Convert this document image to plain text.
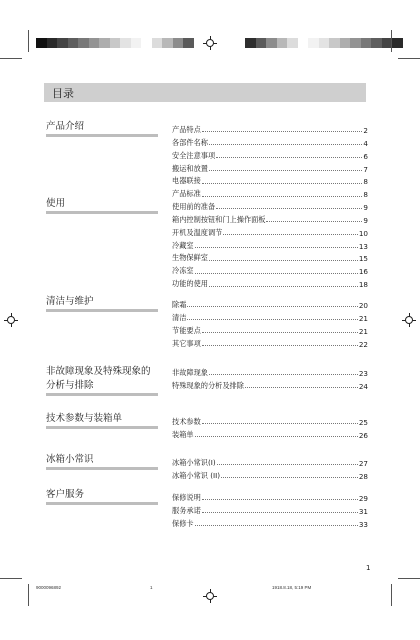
目录
产品介绍	产品特点	2
各部件名称	4
安全注意事项	6
搬运和放置	7
电器联接	8
产品标准	8
使用	使用前的准备	9
箱内控制按钮和门上操作面板	9
开机及温度调节	10
冷藏室	13
生物保鲜室	15
冷冻室	16
功能的使用	18
清洁与维护	除霜	20
清洁	21
节能要点	21
其它事项	22
非故障现象及特殊现象的
分析与排除
非故障现象	23
特殊现象的分析及排除	24
技术参数与装箱单	技术参数	25
装箱单	26
冰箱小常识	冰箱小常识(I)	27
冰箱小常识 (II)	28
客户服务	保修说明	29
服务承诺	31
保修卡	33
1
9000096892	1	1918.8.18, 5:19 PM
